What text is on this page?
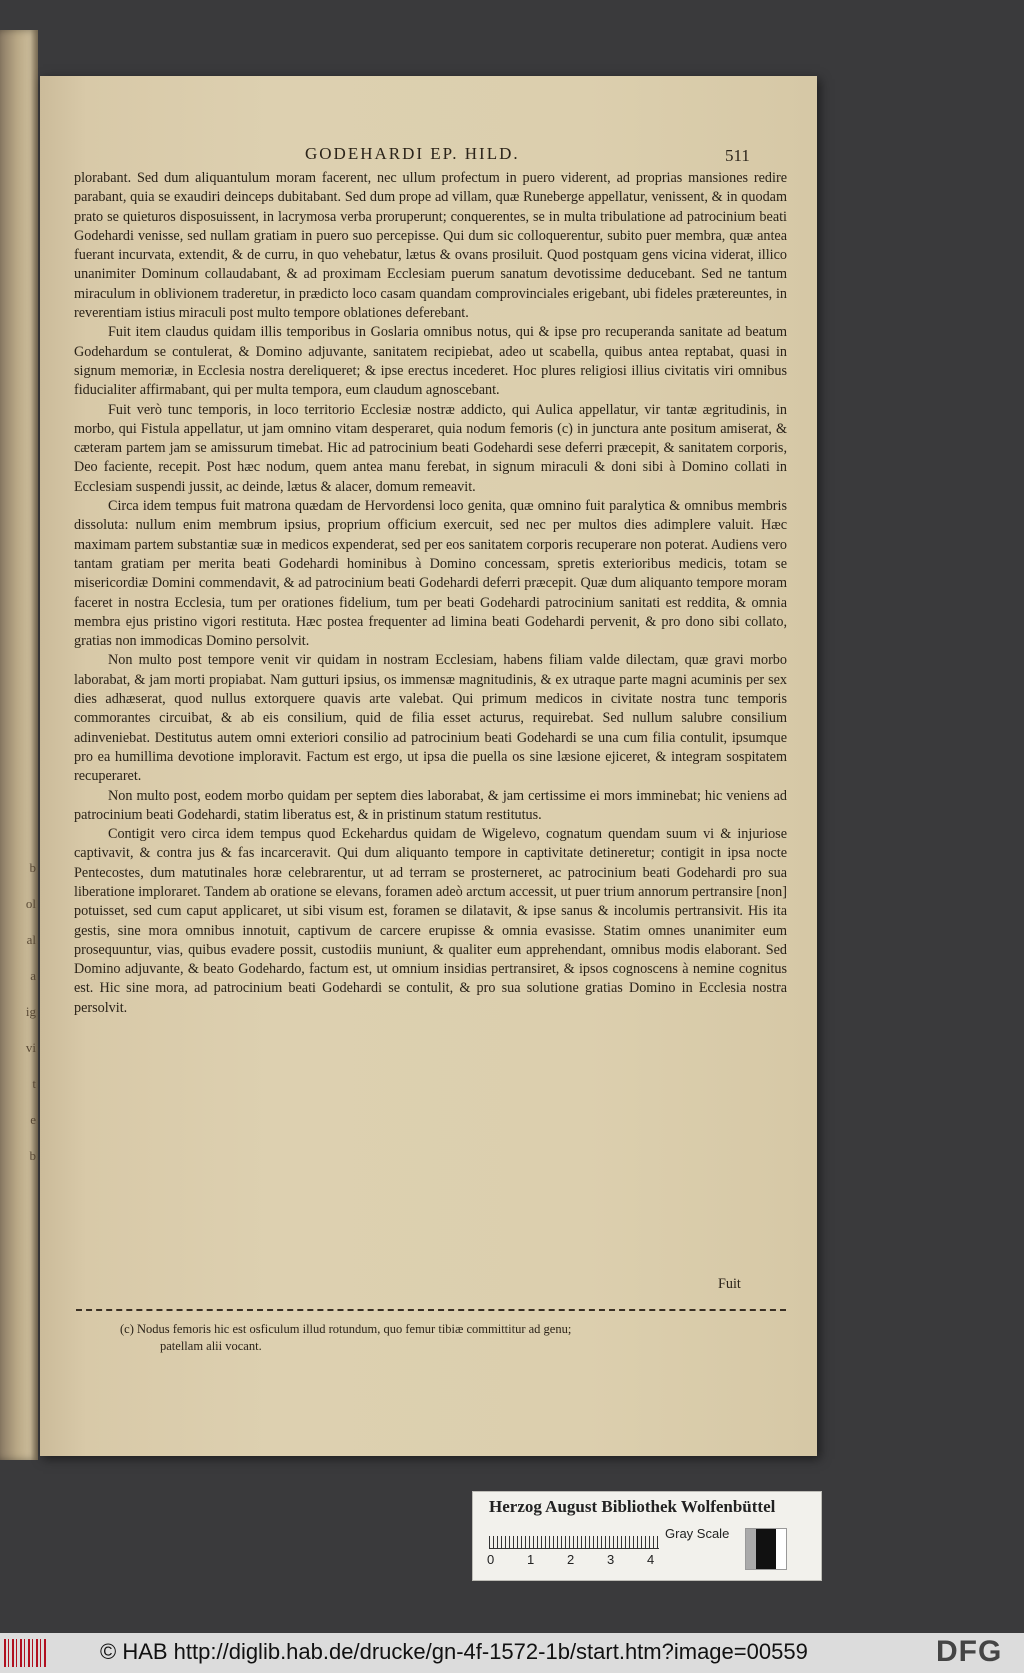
b
ol
al
a
ig
vi
t
e
b
GODEHARDI EP. HILD.	511

plorabant. Sed dum aliquantulum moram facerent, nec ullum profectum in puero viderent, ad proprias mansiones redire parabant, quia se exaudiri deinceps dubitabant. Sed dum prope ad villam, quæ Runeberge appellatur, venissent, & in quodam prato se quieturos disposuissent, in lacrymosa verba proruperunt; conquerentes, se in multa tribulatione ad patrocinium beati Godehardi venisse, sed nullam gratiam in puero suo percepisse. Qui dum sic colloquerentur, subito puer membra, quæ antea fuerant incurvata, extendit, & de curru, in quo vehebatur, lætus & ovans prosiluit. Quod postquam gens vicina viderat, illico unanimiter Dominum collaudabant, & ad proximam Ecclesiam puerum sanatum devotissime deducebant. Sed ne tantum miraculum in oblivionem traderetur, in prædicto loco casam quandam comprovinciales erigebant, ubi fideles prætereuntes, in reverentiam istius miraculi post multo tempore oblationes deferebant.

Fuit item claudus quidam illis temporibus in Goslaria omnibus notus, qui & ipse pro recuperanda sanitate ad beatum Godehardum se contulerat, & Domino adjuvante, sanitatem recipiebat, adeo ut scabella, quibus antea reptabat, quasi in signum memoriæ, in Ecclesia nostra dereliqueret; & ipse erectus incederet. Hoc plures religiosi illius civitatis viri omnibus fiducialiter affirmabant, qui per multa tempora, eum claudum agnoscebant.

Fuit verò tunc temporis, in loco territorio Ecclesiæ nostræ addicto, qui Aulica appellatur, vir tantæ ægritudinis, in morbo, qui Fistula appellatur, ut jam omnino vitam desperaret, quia nodum femoris (c) in junctura ante positum amiserat, & cæteram partem jam se amissurum timebat. Hic ad patrocinium beati Godehardi sese deferri præcepit, & sanitatem corporis, Deo faciente, recepit. Post hæc nodum, quem antea manu ferebat, in signum miraculi & doni sibi à Domino collati in Ecclesiam suspendi jussit, ac deinde, lætus & alacer, domum remeavit.

Circa idem tempus fuit matrona quædam de Hervordensi loco genita, quæ omnino fuit paralytica & omnibus membris dissoluta: nullum enim membrum ipsius, proprium officium exercuit, sed nec per multos dies adimplere valuit. Hæc maximam partem substantiæ suæ in medicos expenderat, sed per eos sanitatem corporis recuperare non poterat. Audiens vero tantam gratiam per merita beati Godehardi hominibus à Domino concessam, spretis exterioribus medicis, totam se misericordiæ Domini commendavit, & ad patrocinium beati Godehardi deferri præcepit. Quæ dum aliquanto tempore moram faceret in nostra Ecclesia, tum per orationes fidelium, tum per beati Godehardi patrocinium sanitati est reddita, & omnia membra ejus pristino vigori restituta. Hæc postea frequenter ad limina beati Godehardi pervenit, & pro dono sibi collato, gratias non immodicas Domino persolvit.

Non multo post tempore venit vir quidam in nostram Ecclesiam, habens filiam valde dilectam, quæ gravi morbo laborabat, & jam morti propiabat. Nam gutturi ipsius, os immensæ magnitudinis, & ex utraque parte magni acuminis per sex dies adhæserat, quod nullus extorquere quavis arte valebat. Qui primum medicos in civitate nostra tunc temporis commorantes circuibat, & ab eis consilium, quid de filia esset acturus, requirebat. Sed nullum salubre consilium adinveniebat. Destitutus autem omni exteriori consilio ad patrocinium beati Godehardi se una cum filia contulit, ipsumque pro ea humillima devotione imploravit. Factum est ergo, ut ipsa die puella os sine læsione ejiceret, & integram sospitatem recuperaret.

Non multo post, eodem morbo quidam per septem dies laborabat, & jam certissime ei mors imminebat; hic veniens ad patrocinium beati Godehardi, statim liberatus est, & in pristinum statum restitutus.

Contigit vero circa idem tempus quod Eckehardus quidam de Wigelevo, cognatum quendam suum vi & injuriose captivavit, & contra jus & fas incarceravit. Qui dum aliquanto tempore in captivitate detineretur; contigit in ipsa nocte Pentecostes, dum matutinales horæ celebrarentur, ut ad terram se prosterneret, ac patrocinium beati Godehardi pro sua liberatione imploraret. Tandem ab oratione se elevans, foramen adeò arctum accessit, ut puer trium annorum pertransire [non] potuisset, sed cum caput applicaret, ut sibi visum est, foramen se dilatavit, & ipse sanus & incolumis pertransivit. His ita gestis, sine mora omnibus innotuit, captivum de carcere erupisse & omnia evasisse. Statim omnes unanimiter eum prosequuntur, vias, quibus evadere possit, custodiis muniunt, & qualiter eum apprehendant, omnibus modis elaborant. Sed Domino adjuvante, & beato Godehardo, factum est, ut omnium insidias pertransiret, & ipsos cognoscens à nemine cognitus est. Hic sine mora, ad patrocinium beati Godehardi se contulit, & pro sua solutione gratias Domino in Ecclesia nostra persolvit.

Fuit

(c) Nodus femoris hic est osficulum illud rotundum, quo femur tibiæ committitur ad genu;

patellam alii vocant.

Herzog August Bibliothek Wolfenbüttel
0	1	2	3	4
Gray Scale
© HAB http://diglib.hab.de/drucke/gn-4f-1572-1b/start.htm?image=00559	DFG
